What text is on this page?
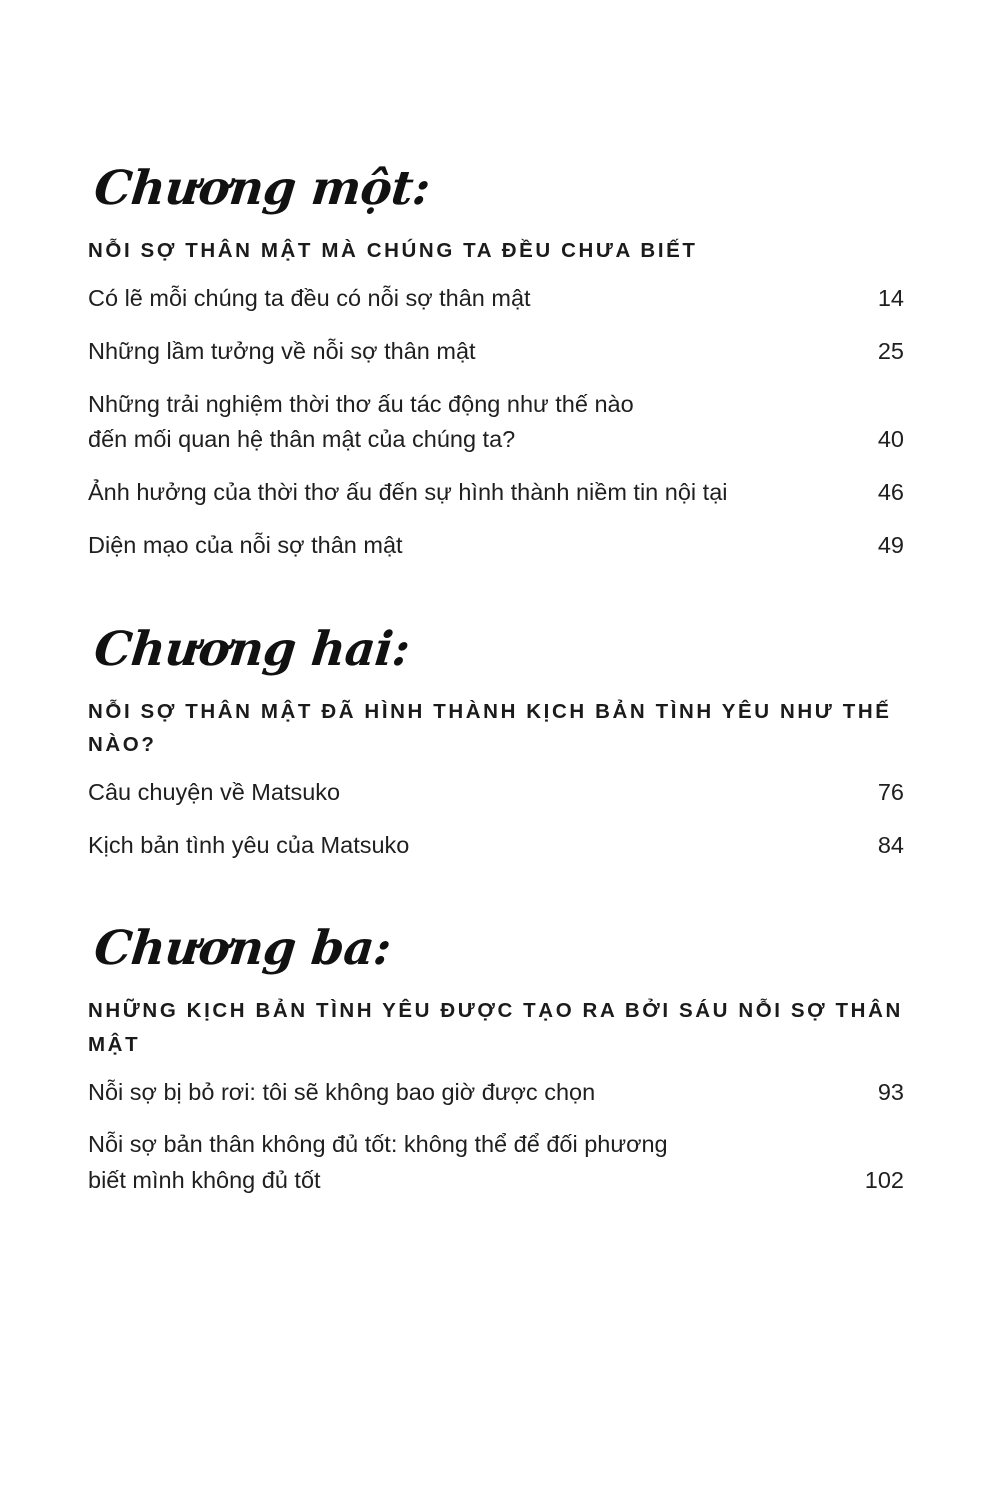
Chương một:
NỖI SỢ THÂN MẬT MÀ CHÚNG TA ĐỀU CHƯA BIẾT
Có lẽ mỗi chúng ta đều có nỗi sợ thân mật	14
Những lầm tưởng về nỗi sợ thân mật	25
Những trải nghiệm thời thơ ấu tác động như thế nào
đến mối quan hệ thân mật của chúng ta?	40
Ảnh hưởng của thời thơ ấu đến sự hình thành niềm tin nội tại	46
Diện mạo của nỗi sợ thân mật	49
Chương hai:
NỖI SỢ THÂN MẬT ĐÃ HÌNH THÀNH KỊCH BẢN TÌNH YÊU NHƯ THẾ NÀO?
Câu chuyện về Matsuko	76
Kịch bản tình yêu của Matsuko	84
Chương ba:
NHỮNG KỊCH BẢN TÌNH YÊU ĐƯỢC TẠO RA BỞI SÁU NỖI SỢ THÂN MẬT
Nỗi sợ bị bỏ rơi: tôi sẽ không bao giờ được chọn	93
Nỗi sợ bản thân không đủ tốt: không thể để đối phương
biết mình không đủ tốt	102
